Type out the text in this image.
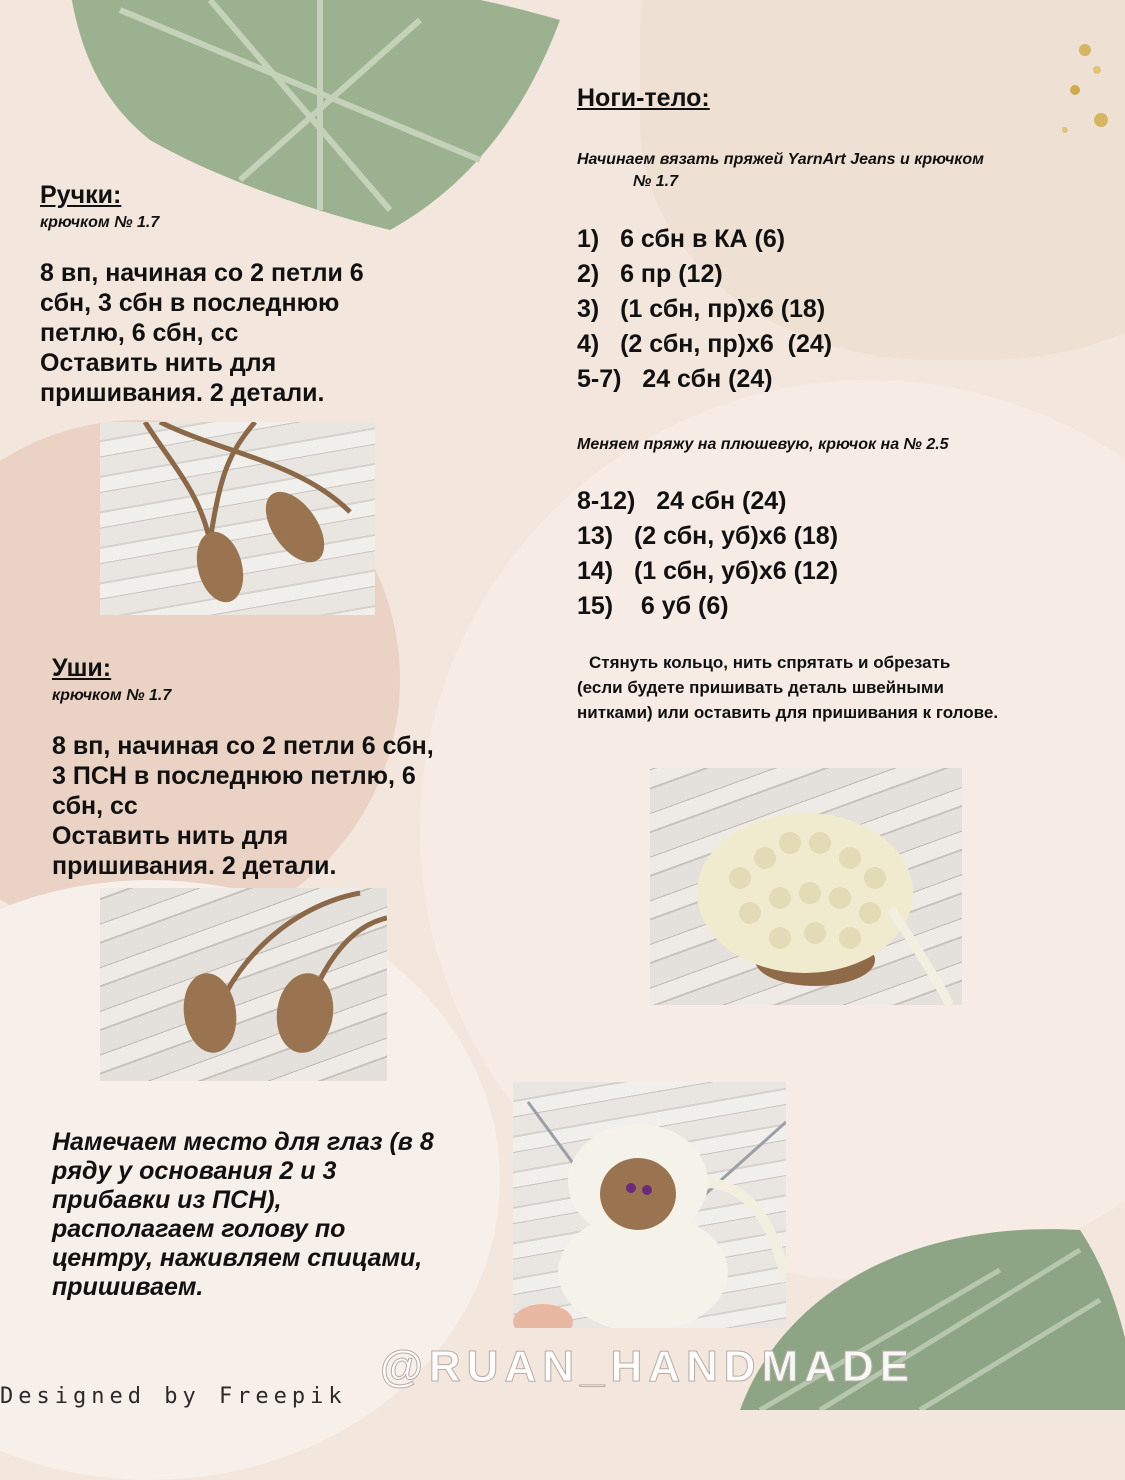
Ручки:
крючком № 1.7
8 вп, начиная со 2 петли 6
сбн, 3 сбн в последнюю
петлю, 6 сбн, сс
Оставить нить для
пришивания. 2 детали.
Уши:
крючком № 1.7
8 вп, начиная со 2 петли 6 сбн,
3 ПСН в последнюю петлю, 6
сбн, сс
Оставить нить для
пришивания. 2 детали.
Намечаем место для глаз (в 8
ряду у основания 2 и 3
прибавки из ПСН),
располагаем голову по
центру, наживляем спицами,
пришиваем.
Ноги-тело:
Начинаем вязать пряжей YarnArt Jeans и крючком
№ 1.7
1)   6 сбн в КА (6)
2)   6 пр (12)
3)   (1 сбн, пр)х6 (18)
4)   (2 сбн, пр)х6  (24)
5-7)   24 сбн (24)
Меняем пряжу на плюшевую, крючок на № 2.5
8-12)   24 сбн (24)
13)   (2 сбн, уб)х6 (18)
14)   (1 сбн, уб)х6 (12)
15)    6 уб (6)
Стянуть кольцо, нить спрятать и обрезать
(если будете пришивать деталь швейными
нитками) или оставить для пришивания к голове.
@RUAN_HANDMADE
Designed by Freepik
